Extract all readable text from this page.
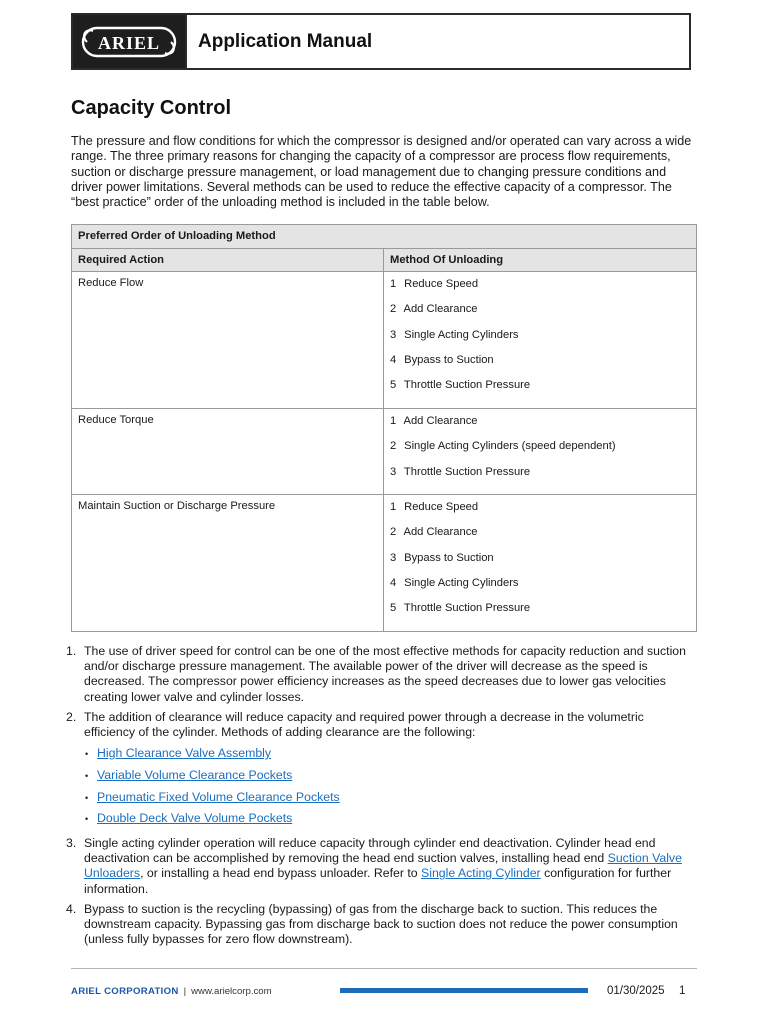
ARIEL	Application Manual
Capacity Control

The pressure and flow conditions for which the compressor is designed and/or operated can vary across a wide range. The three primary reasons for changing the capacity of a compressor are process flow requirements, suction or discharge pressure management, or load management due to changing pressure conditions and driver power limitations. Several methods can be used to reduce the effective capacity of a compressor. The “best practice” order of the unloading method is included in the table below.

Preferred Order of Unloading Method	
Required Action	Method Of Unloading
Reduce Flow	1 Reduce Speed
2 Add Clearance
3 Single Acting Cylinders
4 Bypass to Suction
5 Throttle Suction Pressure

Reduce Torque	1 Add Clearance
2 Single Acting Cylinders (speed dependent)
3 Throttle Suction Pressure

Maintain Suction or Discharge Pressure	1 Reduce Speed
2 Add Clearance
3 Bypass to Suction
4 Single Acting Cylinders
5 Throttle Suction Pressure
1. The use of driver speed for control can be one of the most effective methods for capacity reduction and suction and/or discharge pressure management. The available power of the driver will decrease as the speed is decreased. The compressor power efficiency increases as the speed decreases due to lower gas velocities creating lower valve and cylinder losses.
2. The addition of clearance will reduce capacity and required power through a decrease in the volumetric efficiency of the cylinder. Methods of adding clearance are the following:
• High Clearance Valve Assembly
• Variable Volume Clearance Pockets
• Pneumatic Fixed Volume Clearance Pockets
• Double Deck Valve Volume Pockets
3. Single acting cylinder operation will reduce capacity through cylinder end deactivation. Cylinder head end deactivation can be accomplished by removing the head end suction valves, installing head end Suction Valve Unloaders, or installing a head end bypass unloader. Refer to Single Acting Cylinder configuration for further information.
4. Bypass to suction is the recycling (bypassing) of gas from the discharge back to suction. This reduces the downstream capacity. Bypassing gas from discharge back to suction does not reduce the power consumption (unless fully bypasses for zero flow downstream).
ARIEL CORPORATION | www.arielcorp.com	01/30/2025 1
